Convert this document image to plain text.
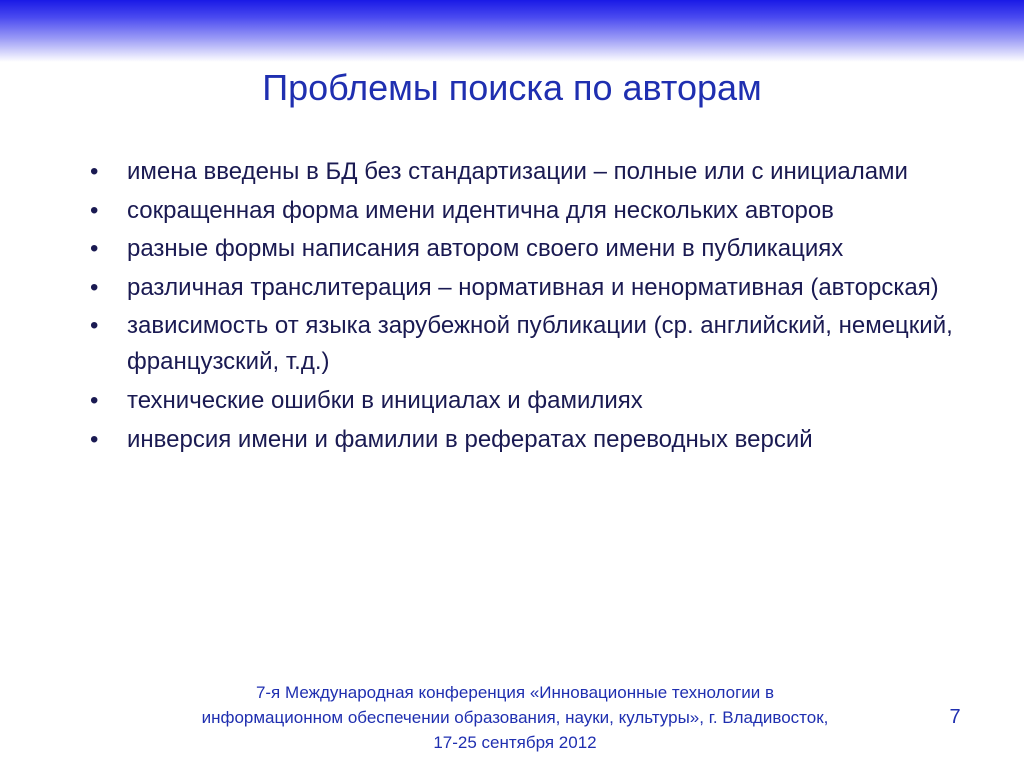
Проблемы поиска по авторам
• имена введены в БД без стандартизации – полные или с инициалами
• сокращенная форма имени идентична для нескольких авторов
• разные формы написания автором своего имени в публикациях
• различная транслитерация – нормативная и ненормативная (авторская)
• зависимость от языка зарубежной публикации (ср. английский, немецкий, французский, т.д.)
• технические ошибки в инициалах и фамилиях
• инверсия имени и фамилии в рефератах переводных версий
7-я Международная конференция «Инновационные технологии в
информационном обеспечении образования, науки, культуры», г. Владивосток,
17-25 сентября 2012
7
